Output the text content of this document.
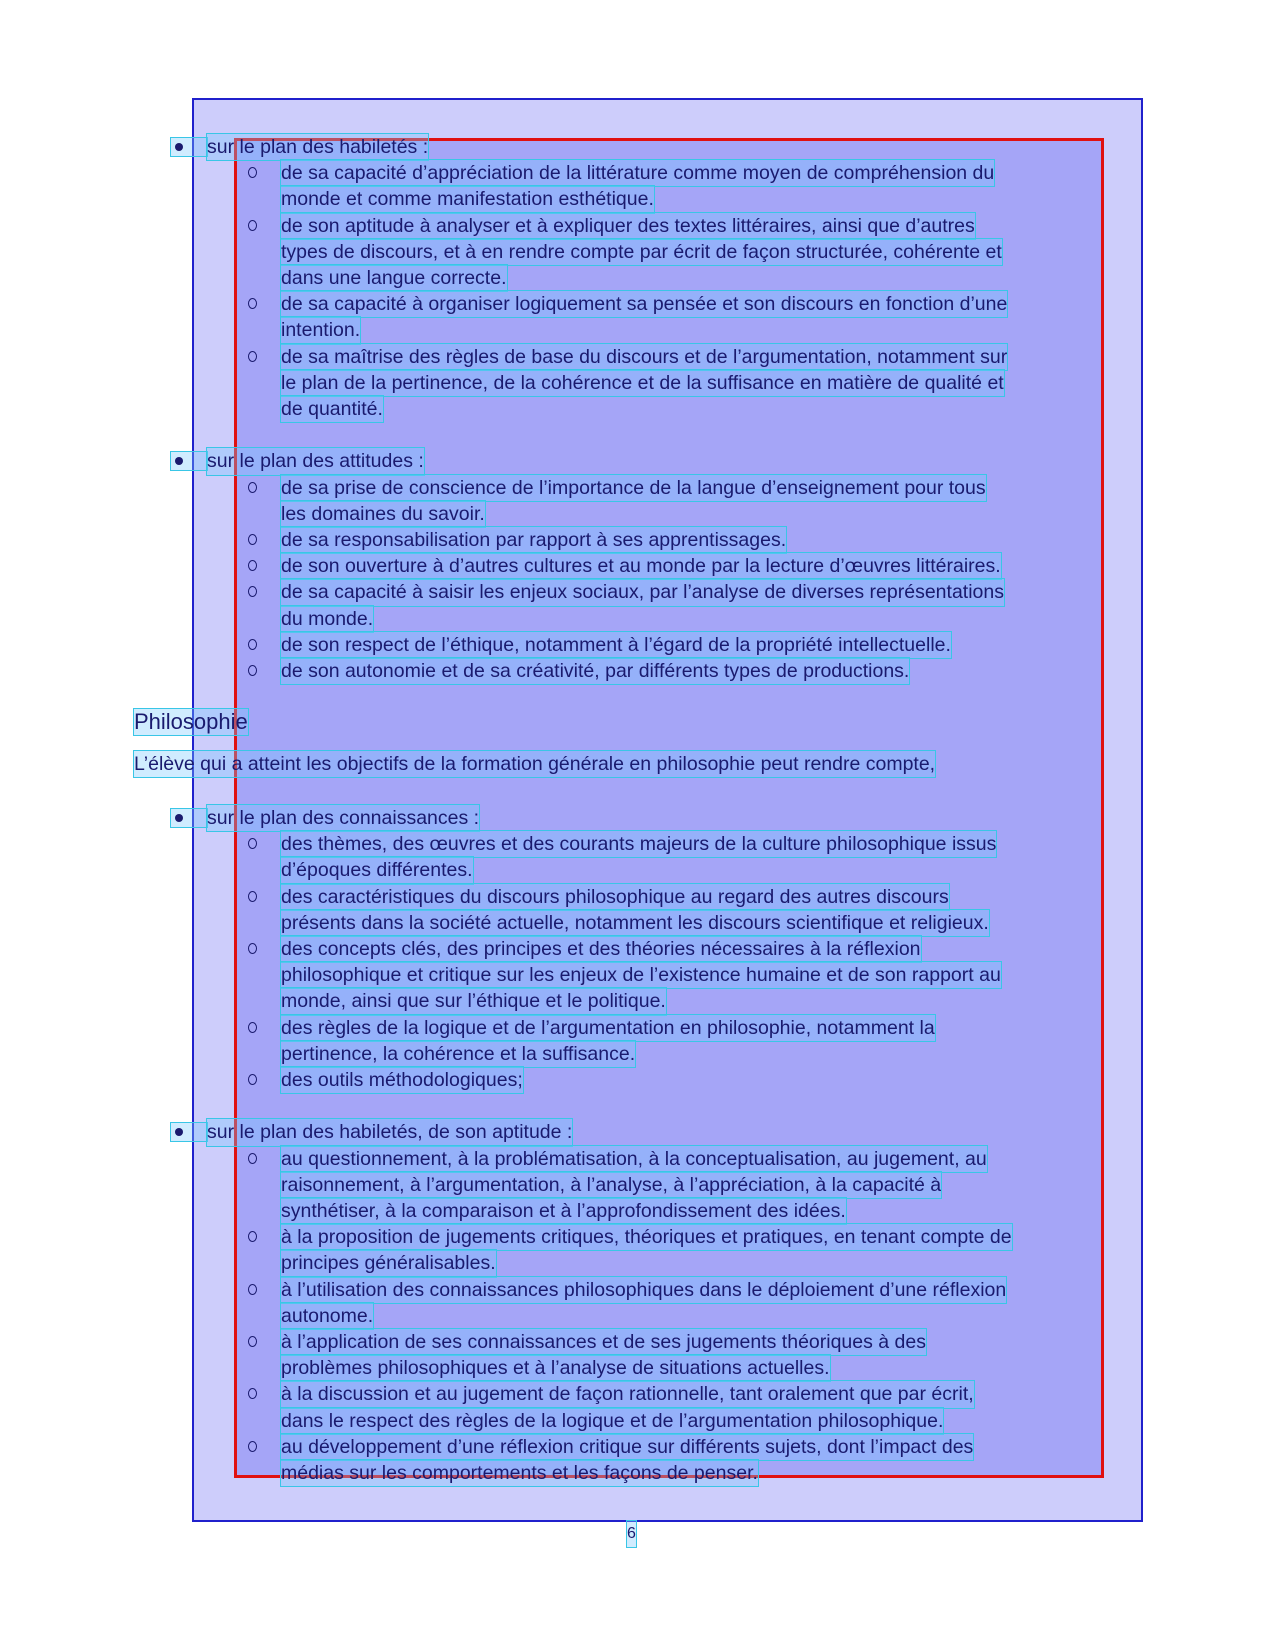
sur le plan des habiletés :
de sa capacité d’appréciation de la littérature comme moyen de compréhension du
monde et comme manifestation esthétique.
de son aptitude à analyser et à expliquer des textes littéraires, ainsi que d’autres
types de discours, et à en rendre compte par écrit de façon structurée, cohérente et
dans une langue correcte.
de sa capacité à organiser logiquement sa pensée et son discours en fonction d’une
intention.
de sa maîtrise des règles de base du discours et de l’argumentation, notamment sur
le plan de la pertinence, de la cohérence et de la suffisance en matière de qualité et
de quantité.
sur le plan des attitudes :
de sa prise de conscience de l’importance de la langue d’enseignement pour tous
les domaines du savoir.
de sa responsabilisation par rapport à ses apprentissages.
de son ouverture à d’autres cultures et au monde par la lecture d’œuvres littéraires.
de sa capacité à saisir les enjeux sociaux, par l’analyse de diverses représentations
du monde.
de son respect de l’éthique, notamment à l’égard de la propriété intellectuelle.
de son autonomie et de sa créativité, par différents types de productions.
Philosophie
L’élève qui a atteint les objectifs de la formation générale en philosophie peut rendre compte,
sur le plan des connaissances :
des thèmes, des œuvres et des courants majeurs de la culture philosophique issus
d’époques différentes.
des caractéristiques du discours philosophique au regard des autres discours
présents dans la société actuelle, notamment les discours scientifique et religieux.
des concepts clés, des principes et des théories nécessaires à la réflexion
philosophique et critique sur les enjeux de l’existence humaine et de son rapport au
monde, ainsi que sur l’éthique et le politique.
des règles de la logique et de l’argumentation en philosophie, notamment la
pertinence, la cohérence et la suffisance.
des outils méthodologiques;
sur le plan des habiletés, de son aptitude :
au questionnement, à la problématisation, à la conceptualisation, au jugement, au
raisonnement, à l’argumentation, à l’analyse, à l’appréciation, à la capacité à
synthétiser, à la comparaison et à l’approfondissement des idées.
à la proposition de jugements critiques, théoriques et pratiques, en tenant compte de
principes généralisables.
à l’utilisation des connaissances philosophiques dans le déploiement d’une réflexion
autonome.
à l’application de ses connaissances et de ses jugements théoriques à des
problèmes philosophiques et à l’analyse de situations actuelles.
à la discussion et au jugement de façon rationnelle, tant oralement que par écrit,
dans le respect des règles de la logique et de l’argumentation philosophique.
au développement d’une réflexion critique sur différents sujets, dont l’impact des
médias sur les comportements et les façons de penser.
6
